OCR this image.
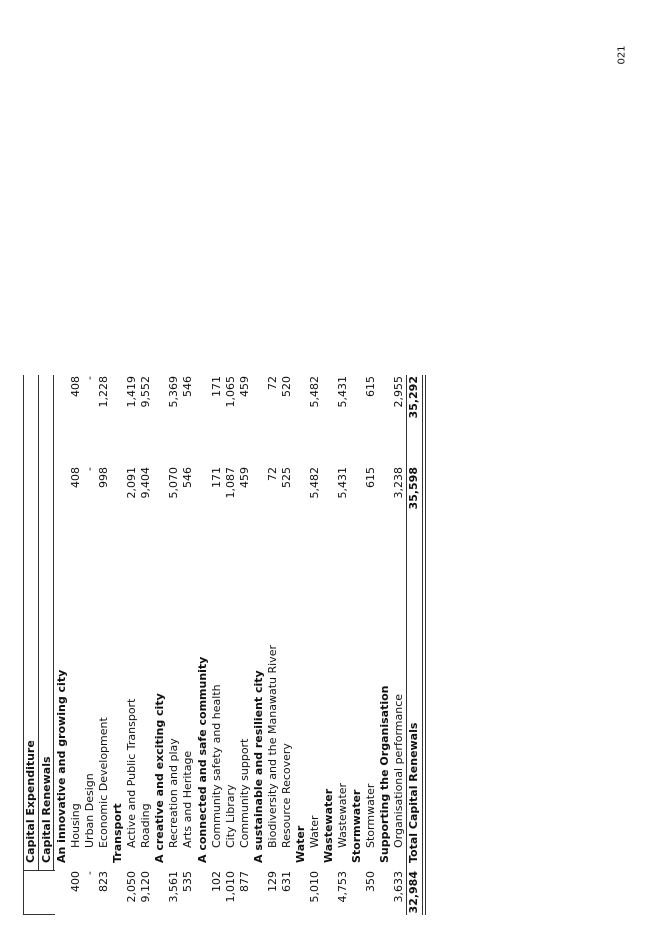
021
Capital Expenditure Capital Renewals An innovative and growing city
400
Housing
408
408
-
Urban Design
-
-
823
Economic Development
998
1,228
Transport
2,050
Active and Public Transport
2,091
1,419
9,120
Roading
9,404
9,552
A creative and exciting city
3,561
Recreation and play
5,070
5,369
535
Arts and Heritage
546
546
A connected and safe community
102
Community safety and health
171
171
1,010
City Library
1,087
1,065
877
Community support
459
459
A sustainable and resilient city
129
Biodiversity and the Manawatu River
72
72
631
Resource Recovery
525
520
Water
5,010
Water
5,482
5,482
Wastewater
4,753
Wastewater
5,431
5,431
Stormwater
350
Stormwater
615
615
Supporting the Organisation
3,633
Organisational performance
3,238
2,955
32,984
Total Capital Renewals
35,598
35,292
